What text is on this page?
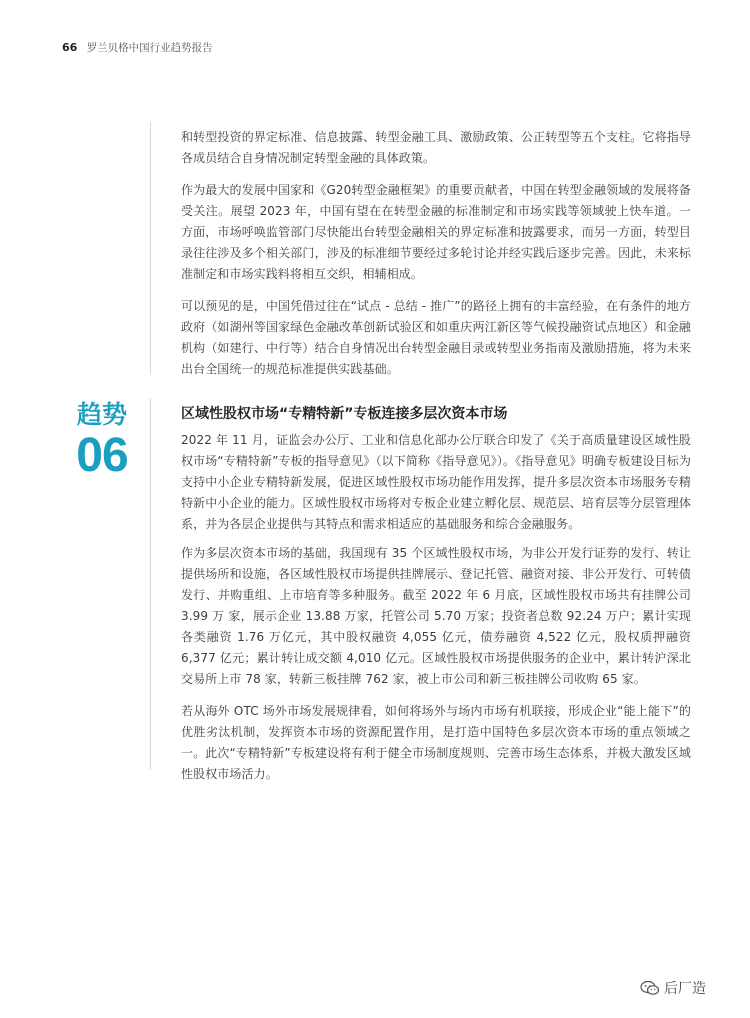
66 罗兰贝格中国行业趋势报告

和转型投资的界定标准、信息披露、转型金融工具、激励政策、公正转型等五个支柱。它将指导各成员结合自身情况制定转型金融的具体政策。

作为最大的发展中国家和《G20转型金融框架》的重要贡献者，中国在转型金融领域的发展将备受关注。展望 2023 年，中国有望在在转型金融的标准制定和市场实践等领域驶上快车道。一方面，市场呼唤监管部门尽快能出台转型金融相关的界定标准和披露要求，而另一方面，转型目录往往涉及多个相关部门，涉及的标准细节要经过多轮讨论并经实践后逐步完善。因此，未来标准制定和市场实践料将相互交织，相辅相成。

可以预见的是，中国凭借过往在“试点 - 总结 - 推广”的路径上拥有的丰富经验，在有条件的地方政府（如湖州等国家绿色金融改革创新试验区和如重庆两江新区等气候投融资试点地区）和金融机构（如建行、中行等）结合自身情况出台转型金融目录或转型业务指南及激励措施，将为未来出台全国统一的规范标准提供实践基础。

趋势
06
区域性股权市场“专精特新”专板连接多层次资本市场

2022 年 11 月，证监会办公厅、工业和信息化部办公厅联合印发了《关于高质量建设区域性股权市场“专精特新”专板的指导意见》（以下简称《指导意见》）。《指导意见》明确专板建设目标为支持中小企业专精特新发展，促进区域性股权市场功能作用发挥，提升多层次资本市场服务专精特新中小企业的能力。区域性股权市场将对专板企业建立孵化层、规范层、培育层等分层管理体系，并为各层企业提供与其特点和需求相适应的基础服务和综合金融服务。

作为多层次资本市场的基础，我国现有 35 个区域性股权市场，为非公开发行证券的发行、转让提供场所和设施，各区域性股权市场提供挂牌展示、登记托管、融资对接、非公开发行、可转债发行、并购重组、上市培育等多种服务。截至 2022 年 6 月底，区域性股权市场共有挂牌公司 3.99 万 家，展示企业 13.88 万家，托管公司 5.70 万家；投资者总数 92.24 万户；累计实现各类融资 1.76 万亿元，其中股权融资 4,055 亿元，债券融资 4,522 亿元，股权质押融资 6,377 亿元；累计转让成交额 4,010 亿元。区域性股权市场提供服务的企业中，累计转沪深北交易所上市 78 家，转新三板挂牌 762 家，被上市公司和新三板挂牌公司收购 65 家。

若从海外 OTC 场外市场发展规律看，如何将场外与场内市场有机联接，形成企业“能上能下”的优胜劣汰机制，发挥资本市场的资源配置作用，是打造中国特色多层次资本市场的重点领域之一。此次“专精特新”专板建设将有利于健全市场制度规则、完善市场生态体系，并极大激发区域性股权市场活力。

后厂造
